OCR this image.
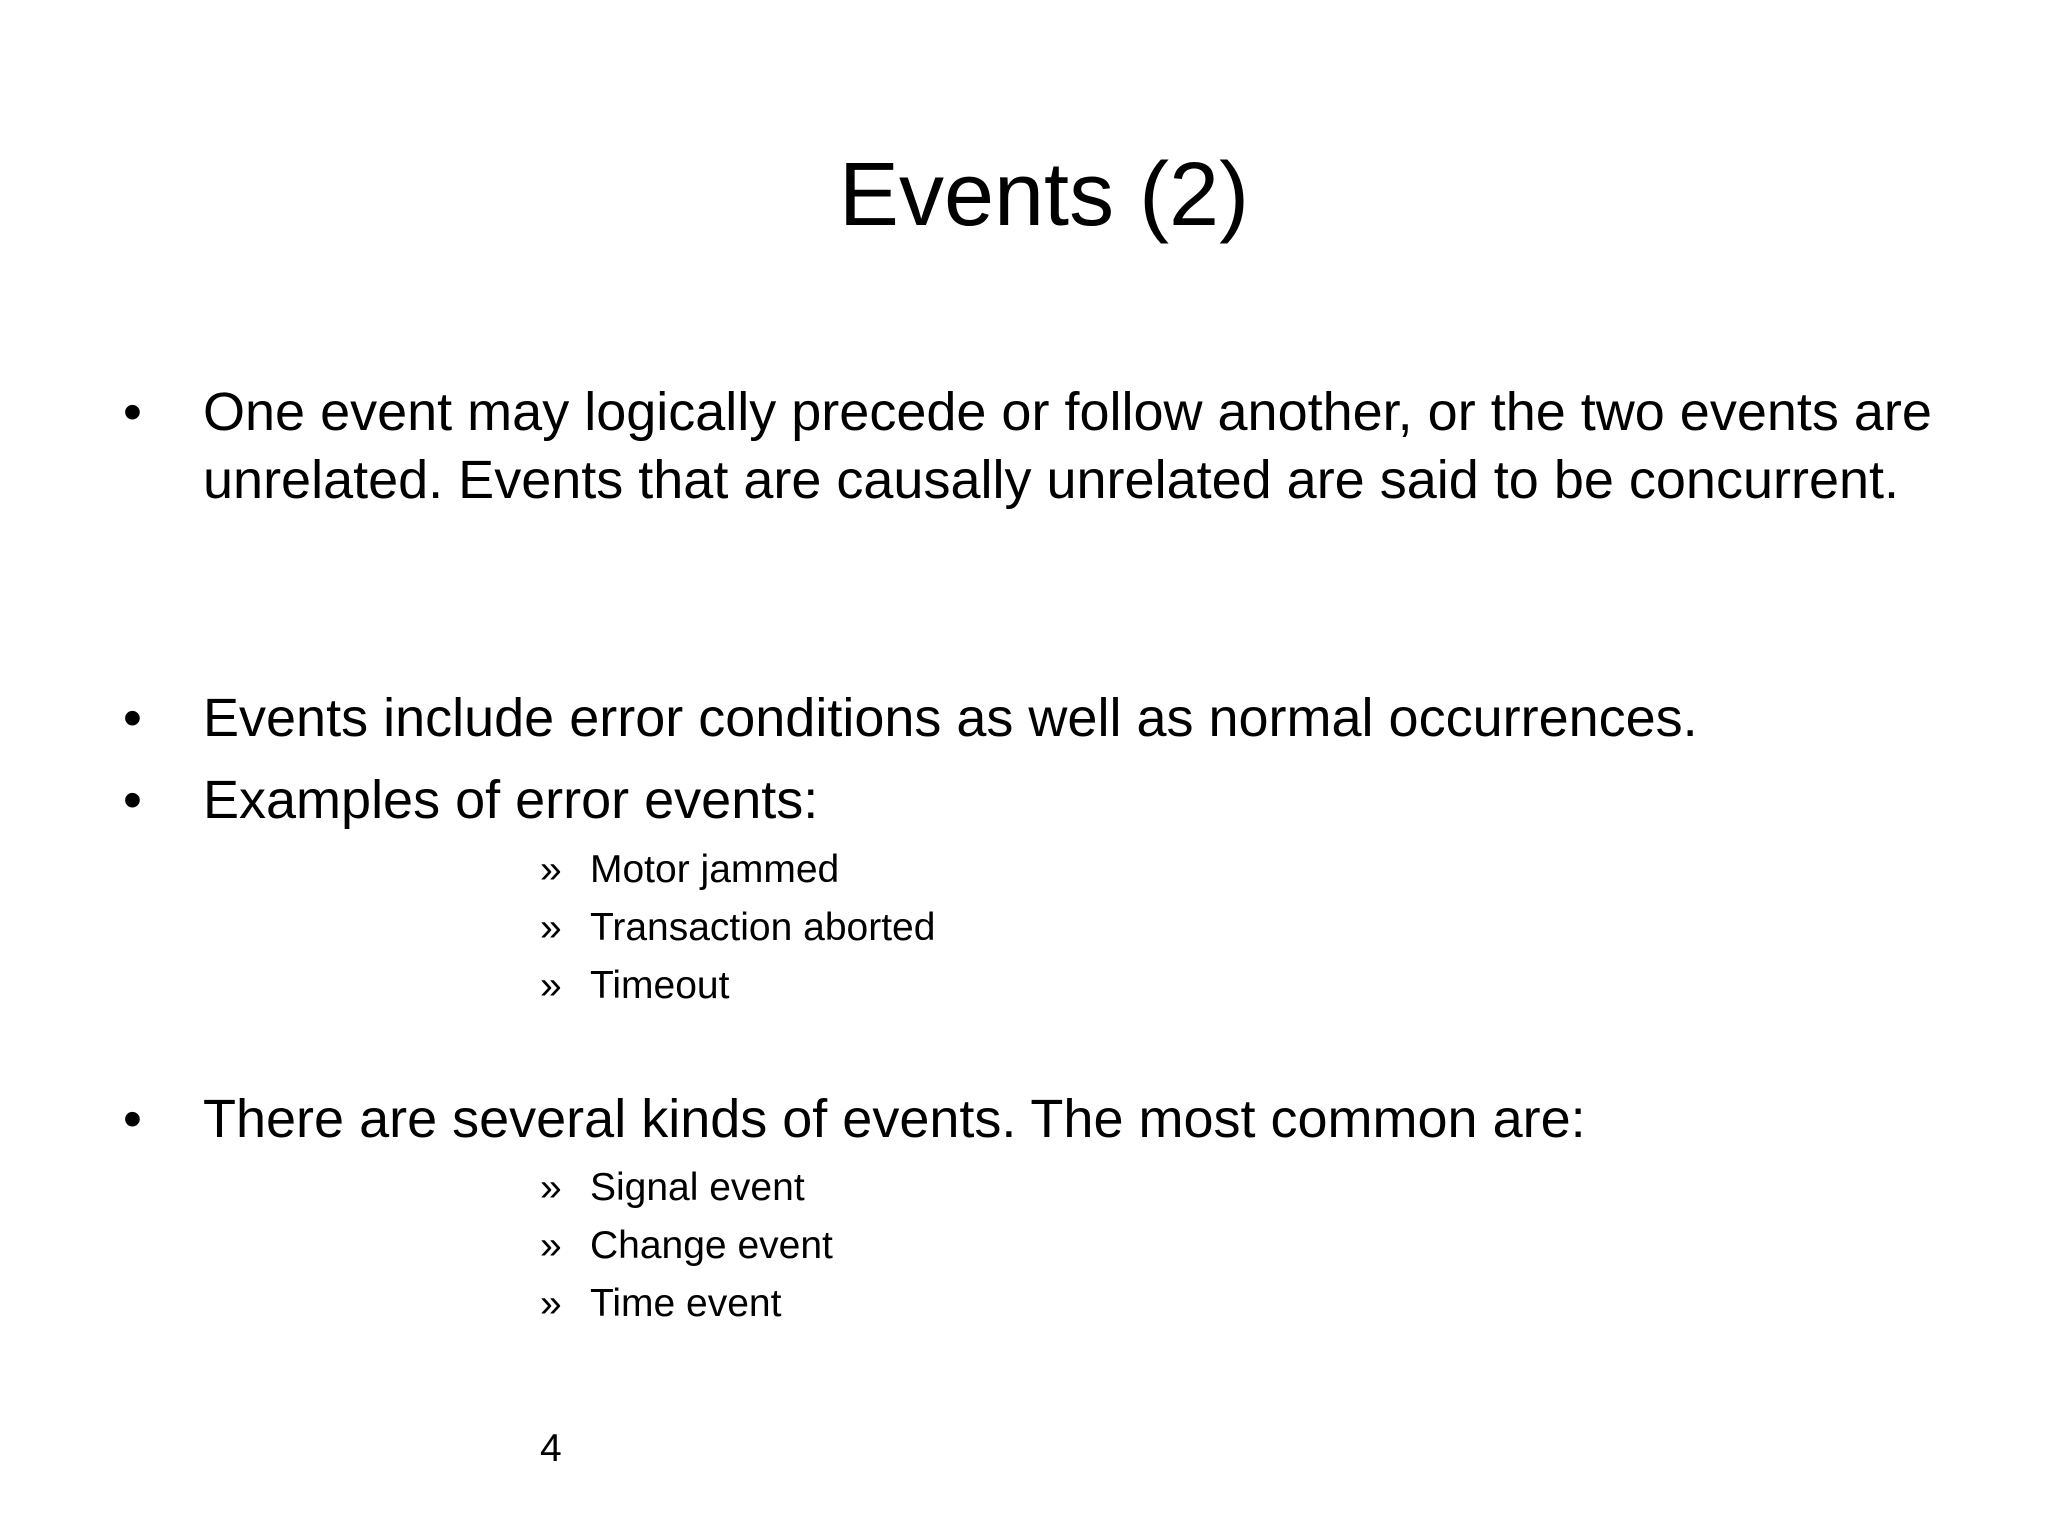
Events (2)
• One event may logically precede or follow another, or the two events are unrelated. Events that are causally unrelated are said to be concurrent.
• Events include error conditions as well as normal occurrences.
• Examples of error events:
» Motor jammed
» Transaction aborted
» Timeout
• There are several kinds of events. The most common are:
» Signal event
» Change event
» Time event
4
